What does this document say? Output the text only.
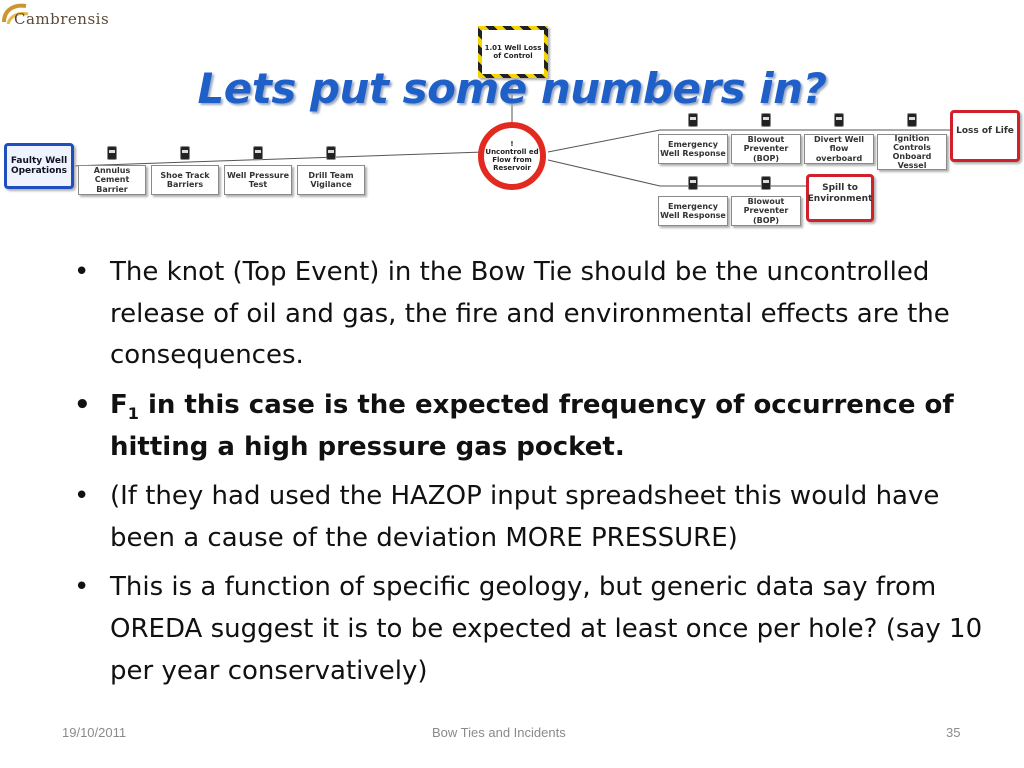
Cambrensis
1.01 Well Loss of Control
!
Uncontroll ed Flow from Reservoir
Faulty Well Operations	Annulus Cement Barrier
Shoe Track Barriers
Well Pressure Test
Drill Team Vigilance
Emergency Well Response
Blowout Preventer (BOP)
Divert Well flow overboard
Ignition Controls Onboard Vessel
Emergency Well Response
Blowout Preventer (BOP)
Loss of Life
Spill to Environment
Lets put some numbers in?
• The knot (Top Event) in the Bow Tie should be the uncontrolled release of oil and gas, the fire and environmental effects are the consequences.
• $F_1$ in this case is the expected frequency of occurrence of hitting a high pressure gas pocket.
• (If they had used the HAZOP input spreadsheet this would have been a cause of the deviation MORE PRESSURE)
• This is a function of specific geology, but generic data say from OREDA suggest it is to be expected at least once per hole? (say 10 per year conservatively)
19/10/2011	Bow Ties and Incidents	35
